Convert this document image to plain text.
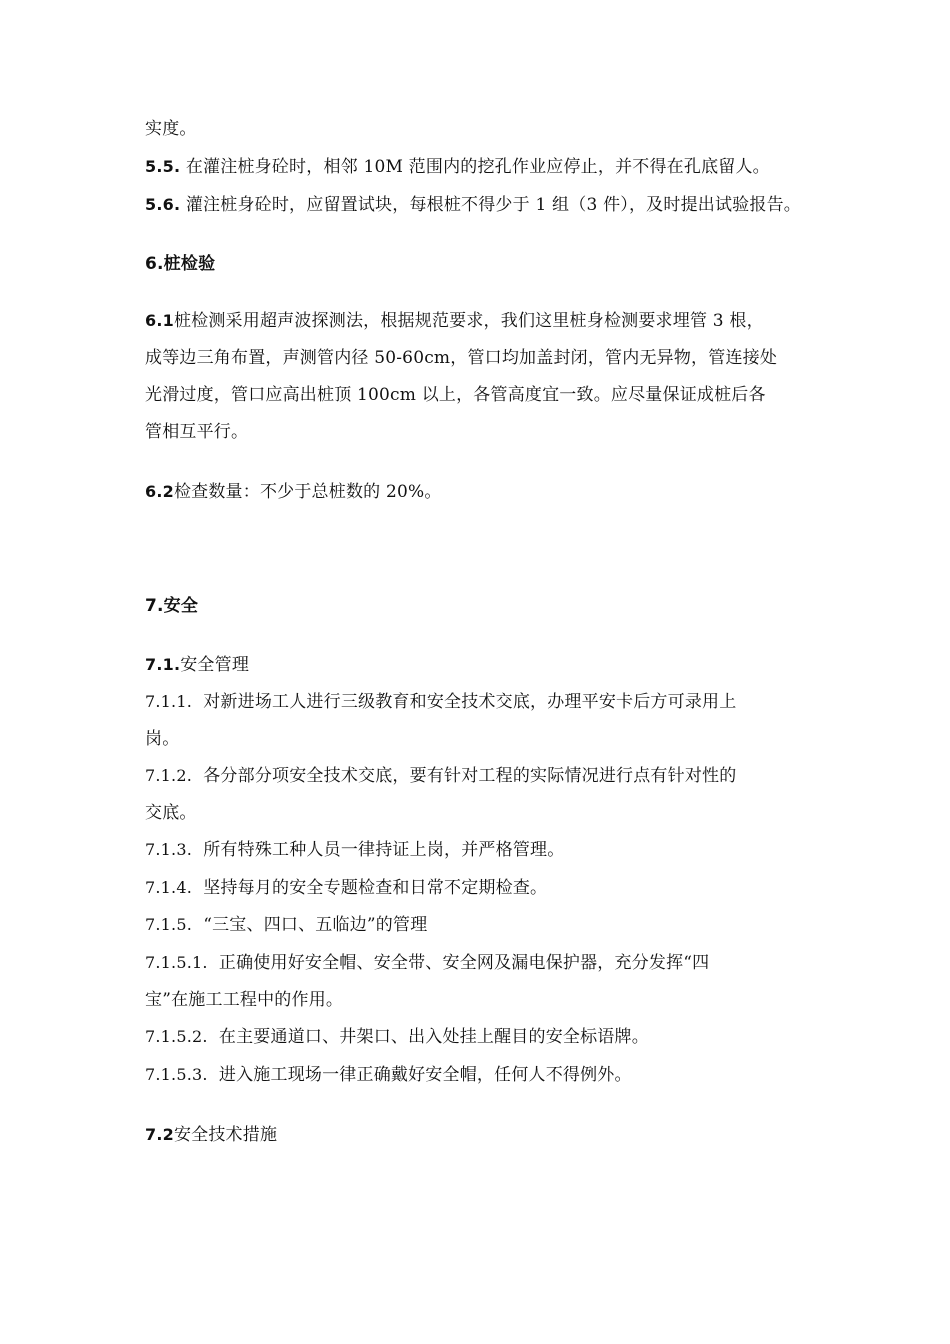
实度。
5.5. 在灌注桩身砼时，相邻 10M 范围内的挖孔作业应停止，并不得在孔底留人。
5.6. 灌注桩身砼时，应留置试块，每根桩不得少于 1 组（3 件），及时提出试验报告。
6.桩检验
6.1桩检测采用超声波探测法，根据规范要求，我们这里桩身检测要求埋管 3 根，
成等边三角布置，声测管内径 50-60cm，管口均加盖封闭，管内无异物，管连接处
光滑过度，管口应高出桩顶 100cm 以上，各管高度宜一致。应尽量保证成桩后各
管相互平行。
6.2检查数量：不少于总桩数的 20%。
7.安全
7.1.安全管理
7.1.1. 对新进场工人进行三级教育和安全技术交底，办理平安卡后方可录用上
岗。
7.1.2. 各分部分项安全技术交底，要有针对工程的实际情况进行点有针对性的
交底。
7.1.3. 所有特殊工种人员一律持证上岗，并严格管理。
7.1.4. 坚持每月的安全专题检查和日常不定期检查。
7.1.5. “三宝、四口、五临边”的管理
7.1.5.1. 正确使用好安全帽、安全带、安全网及漏电保护器，充分发挥“四
宝”在施工工程中的作用。
7.1.5.2. 在主要通道口、井架口、出入处挂上醒目的安全标语牌。
7.1.5.3. 进入施工现场一律正确戴好安全帽，任何人不得例外。
7.2安全技术措施
